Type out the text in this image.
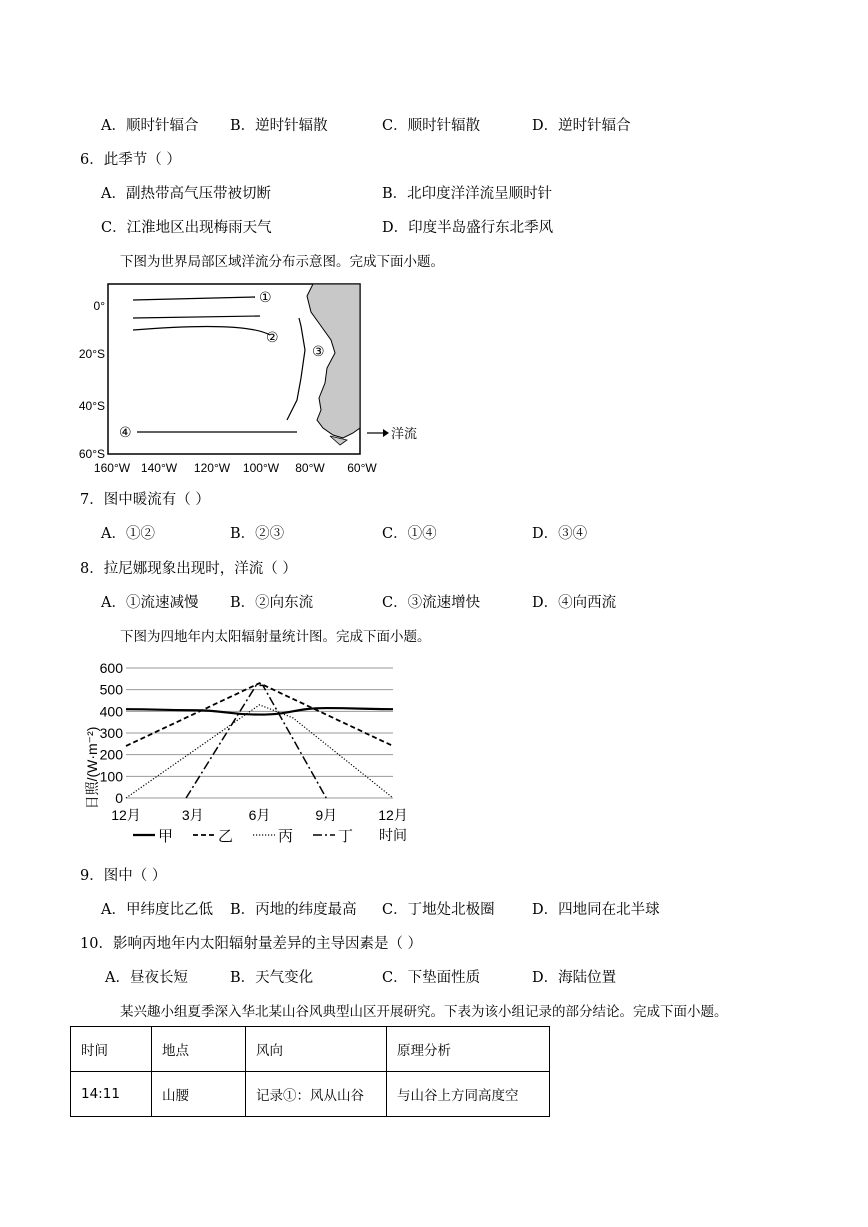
A．顺时针辐合 B．逆时针辐散	C．顺时针辐散	D．逆时针辐合
6．此季节（ ）
A．副热带高气压带被切断	B．北印度洋洋流呈顺时针
C．江淮地区出现梅雨天气	D．印度半岛盛行东北季风
下图为世界局部区域洋流分布示意图。完成下面小题。
①
②
③
④
0°
20°S
40°S
60°S
160°W 140°W 120°W 100°W 80°W 60°W
洋流
7．图中暖流有（ ）
A．①②	B．②③	C．①④	D．③④
8．拉尼娜现象出现时，洋流（ ）
A．①流速减慢 B．②向东流	C．③流速增快	D．④向西流
下图为四地年内太阳辐射量统计图。完成下面小题。
600
500
400
300
200
100
0
12月	3月	6月	9月	12月
日照/(W·m⁻²)
时间
甲	乙	丙	丁
9．图中（ ）
A．甲纬度比乙低 B．丙地的纬度最高 C．丁地处北极圈	D．四地同在北半球
10．影响丙地年内太阳辐射量差异的主导因素是（ ）
A．昼夜长短	B．天气变化	C．下垫面性质	D．海陆位置
某兴趣小组夏季深入华北某山谷风典型山区开展研究。下表为该小组记录的部分结论。完成下面小题。
时间	地点	风向	原理分析
14:11	山腰	记录①：风从山谷	与山谷上方同高度空
